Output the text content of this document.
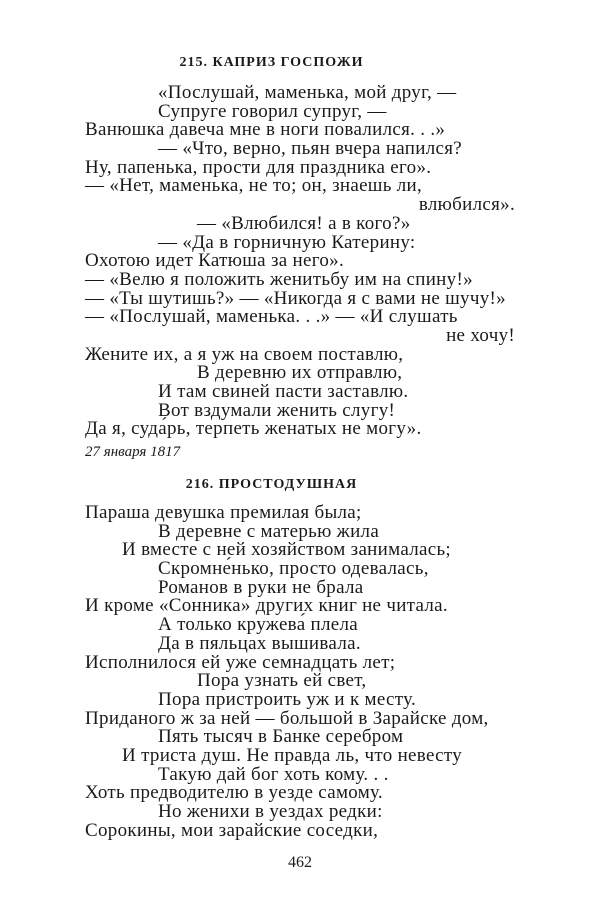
215. КАПРИЗ ГОСПОЖИ
«Послушай, маменька, мой друг, —
Супруге говорил супруг, —
Ванюшка давеча мне в ноги повалился. . .»
— «Что, верно, пьян вчера напился?
Ну, папенька, прости для праздника его».
— «Нет, маменька, не то; он, знаешь ли,
влюбился».
— «Влюбился! а в кого?»
— «Да в горничную Катерину:
Охотою идет Катюша за него».
— «Велю я положить женитьбу им на спину!»
— «Ты шутишь?» — «Никогда я с вами не шучу!»
— «Послушай, маменька. . .» — «И слушать
не хочу!
Жените их, а я уж на своем поставлю,
В деревню их отправлю,
И там свиней пасти заставлю.
Вот вздумали женить слугу!
Да я, суда́рь, терпеть женатых не могу».
27 января 1817
216. ПРОСТОДУШНАЯ
Параша девушка премилая была;
В деревне с матерью жила
И вместе с ней хозяйством занималась;
Скромне́нько, просто одевалась,
Романов в руки не брала
И кроме «Сонника» других книг не читала.
А только кружева́ плела
Да в пяльцах вышивала.
Исполнилося ей уже семнадцать лет;
Пора узнать ей свет,
Пора пристроить уж и к месту.
Приданого ж за ней — большой в Зарайске дом,
Пять тысяч в Банке серебром
И триста душ. Не правда ль, что невесту
Такую дай бог хоть кому. . .
Хоть предводителю в уезде самому.
Но женихи в уездах редки:
Сорокины, мои зарайские соседки,
462
